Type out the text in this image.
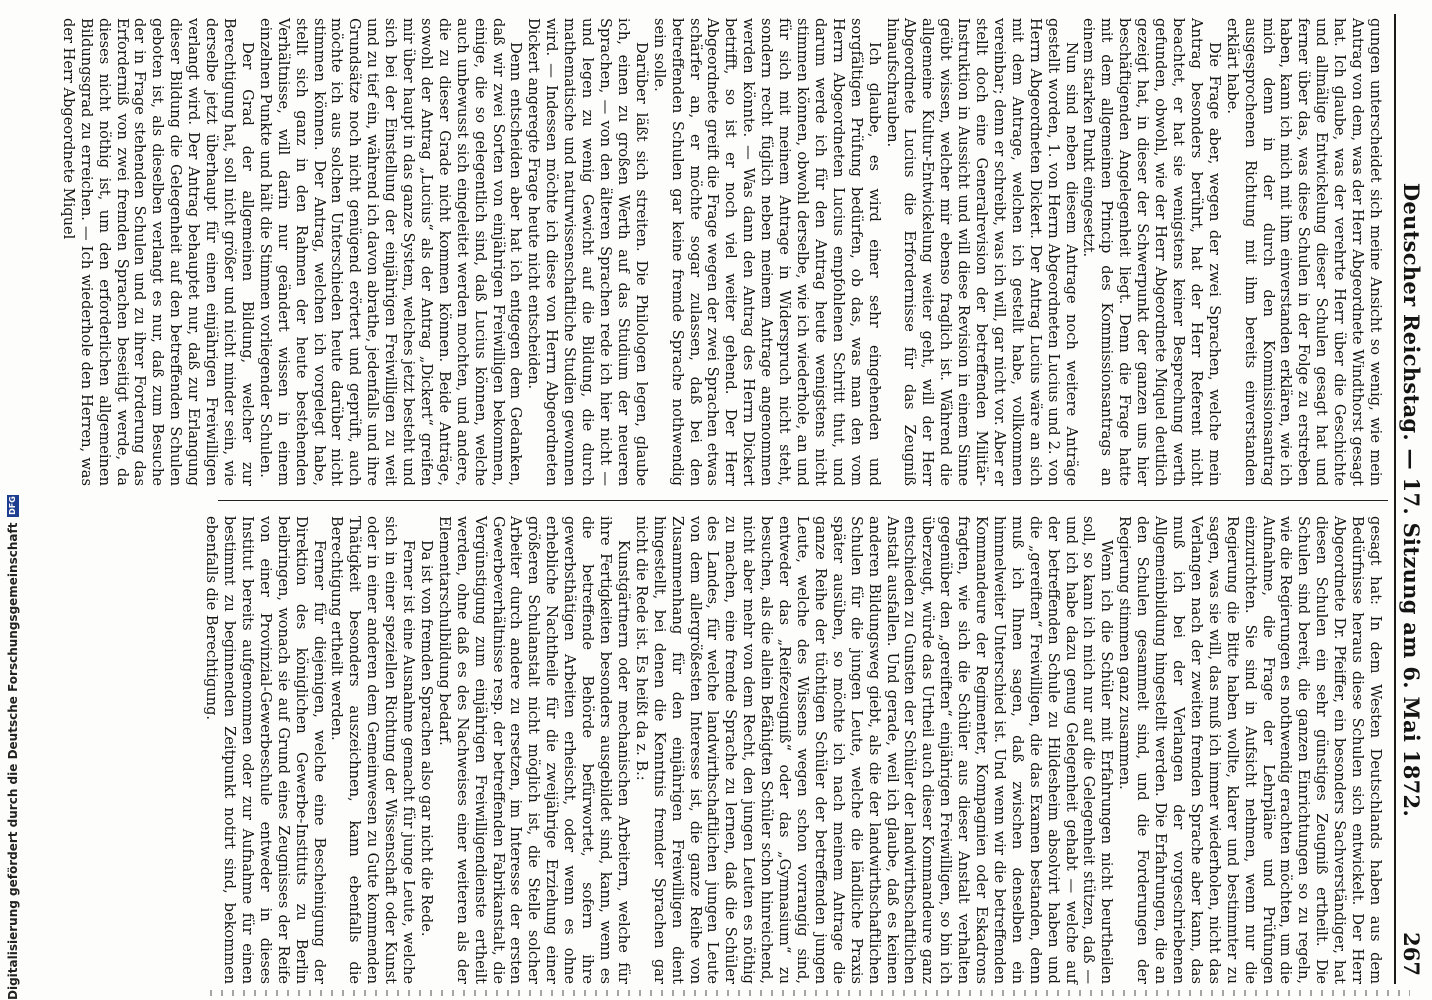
Deutscher Reichstag. — 17. Sitzung am 6. Mai 1872.
267

gungen unterscheidet sich meine Ansicht so wenig, wie mein Antrag von dem, was der Herr Abgeordnete Windthorst gesagt hat. Ich glaube, was der verehrte Herr über die Geschichte und allmälige Entwickelung dieser Schulen gesagt hat und ferner über das, was diese Schulen in der Folge zu erstreben haben, kann ich mich mit ihm einverstanden erklären, wie ich mich denn in der durch den Kommissionsantrag ausgesprochenen Richtung mit ihm bereits einverstanden erklärt habe.

Die Frage aber, wegen der zwei Sprachen, welche mein Antrag besonders berührt, hat der Herr Referent nicht beachtet, er hat sie wenigstens keiner Besprechung werth gefunden, obwohl, wie der Herr Abgeordnete Miquel deutlich gezeigt hat, in dieser der Schwerpunkt der ganzen uns hier beschäftigenden Angelegenheit liegt. Denn die Frage hatte mit dem allgemeinen Princip des Kommissionsantrags an einem starken Punkt eingesetzt.

Nun sind neben diesem Antrage noch weitere Anträge gestellt worden, 1. von Herrn Abgeordneten Lucius und 2. von Herrn Abgeordneten Dickert. Der Antrag Lucius wäre an sich mit dem Antrage, welchen ich gestellt habe, vollkommen vereinbar; denn er schreibt, was ich will, gar nicht vor. Aber er stellt doch eine Generalrevision der betreffenden Militär-Instruktion in Aussicht und will diese Revision in einem Sinne geübt wissen, welcher mir ebenso fraglich ist. Während die allgemeine Kultur-Entwickelung weiter geht, will der Herr Abgeordnete Lucius die Erfordernisse für das Zeugniß hinaufschrauben.

Ich glaube, es wird einer sehr eingehenden und sorgfältigen Prüfung bedürfen, ob das, was man den vom Herrn Abgeordneten Lucius empfohlenen Schritt thut, und darum werde ich für den Antrag heute wenigstens nicht stimmen können, obwohl derselbe, wie ich wiederhole, an und für sich mit meinem Antrage in Widerspruch nicht steht, sondern recht füglich neben meinem Antrage angenommen werden könnte. — Was dann den Antrag des Herrn Dickert betrifft, so ist er noch viel weiter gehend. Der Herr Abgeordnete greift die Frage wegen der zwei Sprachen etwas schärfer an, er möchte sogar zulassen, daß bei den betreffenden Schulen gar keine fremde Sprache nothwendig sein solle.

Darüber läßt sich streiten. Die Philologen legen, glaube ich, einen zu großen Werth auf das Studium der neueren Sprachen, — von den älteren Sprachen rede ich hier nicht — und legen zu wenig Gewicht auf die Bildung, die durch mathematische und naturwissenschaftliche Studien gewonnen wird. — Indessen möchte ich diese von Herrn Abgeordneten Dickert angeregte Frage heute nicht entscheiden.

Denn entscheiden aber hat ich entgegen dem Gedanken, daß wir zwei Sorten von einjährigen Freiwilligen bekommen, einige, die so gelegentlich sind, daß Lucius können, welche auch unbewusst sich eingeleitet werden mochten, und andere, die zu dieser Grade nicht kommen können. Beide Anträge, sowohl der Antrag „Lucius“ als der Antrag „Dickert“ greifen mir über haupt in das ganze System, welches jetzt besteht und sich bei der Einstellung der einjährigen Freiwilligen zu weit und zu tief ein, während ich davon abrathe, jedenfalls und ihre Grundsätze noch nicht genügend erörtert und geprüft, auch möchte ich aus solchen Unterschieden heute darüber nicht stimmen können. Der Antrag, welchen ich vorgelegt habe, stellt sich ganz in den Rahmen der heute bestehenden Verhältnisse, will darin nur geändert wissen in einem einzelnen Punkte und hält die Stimmen vorliegender Schulen.

Der Grad der allgemeinen Bildung, welcher zur Berechtigung hat, soll nicht größer und nicht minder sein, wie derselbe jetzt überhaupt für einen einjährigen Freiwilligen verlangt wird. Der Antrag behauptet nur, daß zur Erlangung dieser Bildung die Gelegenheit auf den betreffenden Schulen geboten ist, als dieselben verlangt es nur, daß zum Besuche der in Frage stehenden Schulen und zu ihrer Forderung das Erforderniß von zwei fremden Sprachen beseitigt werde, da dieses nicht nöthig ist, um den erforderlichen allgemeinen Bildungsgrad zu erreichen. — Ich wiederhole den Herren, was der Herr Abgeordnete Miquel

gesagt hat: In dem Westen Deutschlands haben aus dem Bedürfnisse heraus diese Schulen sich entwickelt. Der Herr Abgeordnete Dr. Pfeiffer, ein besonders Sachverständiger, hat diesen Schulen ein sehr günstiges Zeugniß ertheilt. Die Schulen sind bereit, die ganzen Einrichtungen so zu regeln, wie die Regierungen es nothwendig erachten möchten, um die Aufnahme, die Frage der Lehrpläne und Prüfungen einzurichten. Sie sind in Aufsicht nehmen, wenn nur die Regierung die Bitte haben wollte, klarer und bestimmter zu sagen, was sie will, das muß ich immer wiederholen, nicht das Verlangen nach der zweiten fremden Sprache aber kann, das muß ich bei der Verlangen der vorgeschriebenen Allgemeinbildung hingestellt werden. Die Erfahrungen, die an den Schulen gesammelt sind, und die Forderungen der Regierung stimmen ganz zusammen.

Wenn ich die Schüler mit Erfahrungen nicht beurtheilen soll, so kann ich mich nur auf die Gelegenheit stützen, daß — und ich habe dazu genug Gelegenheit gehabt — welche auf der betreffenden Schule zu Hildesheim absolvirt haben und die „gereiften“ Freiwilligen, die das Examen bestanden, denn muß ich Ihnen sagen, daß zwischen denselben ein himmelweiter Unterschied ist. Und wenn wir die betreffenden Kommandeure der Regimenter, Kompagnien oder Eskadrons fragten, wie sich die Schüler aus dieser Anstalt verhalten gegenüber den „gereiften“ einjährigen Freiwilligen, so bin ich überzeugt, würde das Urtheil auch dieser Kommandeure ganz entschieden zu Gunsten der Schüler der landwirthschaftlichen Anstalt ausfallen. Und gerade, weil ich glaube, daß es keinen anderen Bildungsweg giebt, als die der landwirthschaftlichen Schulen für die jungen Leute, welche die ländliche Praxis später ausüben, so möchte ich nach meinem Antrage die ganze Reihe der tüchtigen Schüler der betreffenden jungen Leute, welche des Wissens wegen schon vorrangig sind, entweder das „Reifezeugniß“ oder das „Gymnasium“ zu besuchen, als die allein Befähigten Schüler schon hinreichend, nicht aber mehr von dem Recht, den jungen Leuten es nöthig zu machen, eine fremde Sprache zu lernen, daß die Schüler des Landes, für welche landwirthschaftlichen jungen Leute von dem allergrößesten Interesse ist, die ganze Reihe von Zusammenhang für den einjährigen Freiwilligen dient hingestellt, bei denen die Kenntnis fremder Sprachen gar nicht die Rede ist. Es heißt da z. B.:

Kunstgärtnern oder mechanischen Arbeitern, welche für ihre Fertigkeiten besonders ausgebildet sind, kann, wenn es die betreffende Behörde befürwortet, sofern ihre gewerbsthätigen Arbeiten erheischt, oder wenn es ohne erhebliche Nachtheile für die zweijährige Erziehung einer größeren Schulanstalt nicht möglich ist, die Stelle solcher Arbeiter durch andere zu ersetzen, im Interesse der ersten Gewerbeverhältnisse resp. der betreffenden Fabrikanstalt, die Vergünstigung zum einjährigen Freiwilligendienste ertheilt werden, ohne daß es des Nachweises einer weiteren als der Elementarschulbildung bedarf.

Da ist von fremden Sprachen also gar nicht die Rede.

Ferner ist eine Ausnahme gemacht für junge Leute, welche sich in einer speziellen Richtung der Wissenschaft oder Kunst oder in einer anderen dem Gemeinwesen zu Gute kommenden Thätigkeit besonders auszeichnen, kann ebenfalls die Berechtigung ertheilt werden.

Ferner für diejenigen, welche eine Bescheinigung der Direktion des königlichen Gewerbe-Instituts zu Berlin beibringen, wonach sie auf Grund eines Zeugnisses der Reife von einer Provinzial-Gewerbeschule entweder in dieses Institut bereits aufgenommen oder zur Aufnahme für einen bestimmt zu beginnenden Zeitpunkt notirt sind, bekommen ebenfalls die Berechtigung.

Digitalisierung gefördert durch die Deutsche Forschungsgemeinschaft
DFG
